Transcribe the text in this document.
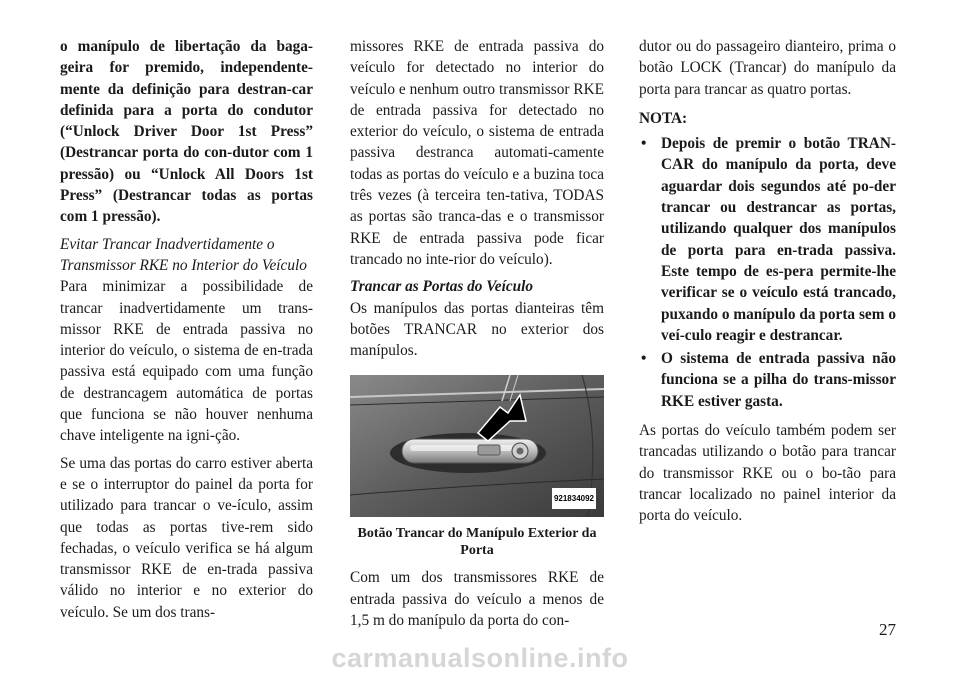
o manípulo de libertação da baga-geira for premido, independente-mente da definição para destran-car definida para a porta do condutor (“Unlock Driver Door 1st Press” (Destrancar porta do con-dutor com 1 pressão) ou “Unlock All Doors 1st Press” (Destrancar todas as portas com 1 pressão).

Evitar Trancar Inadvertidamente o Transmissor RKE no Interior do Veículo

Para minimizar a possibilidade de trancar inadvertidamente um trans-missor RKE de entrada passiva no interior do veículo, o sistema de en-trada passiva está equipado com uma função de destrancagem automática de portas que funciona se não houver nenhuma chave inteligente na igni-ção.

Se uma das portas do carro estiver aberta e se o interruptor do painel da porta for utilizado para trancar o ve-ículo, assim que todas as portas tive-rem sido fechadas, o veículo verifica se há algum transmissor RKE de en-trada passiva válido no interior e no exterior do veículo. Se um dos trans-

missores RKE de entrada passiva do veículo for detectado no interior do veículo e nenhum outro transmissor RKE de entrada passiva for detectado no exterior do veículo, o sistema de entrada passiva destranca automati-camente todas as portas do veículo e a buzina toca três vezes (à terceira ten-tativa, TODAS as portas são tranca-das e o transmissor RKE de entrada passiva pode ficar trancado no inte-rior do veículo).

Trancar as Portas do Veículo

Os manípulos das portas dianteiras têm botões TRANCAR no exterior dos manípulos.

921834092

Botão Trancar do Manípulo Exterior da Porta

Com um dos transmissores RKE de entrada passiva do veículo a menos de 1,5 m do manípulo da porta do con-

dutor ou do passageiro dianteiro, prima o botão LOCK (Trancar) do manípulo da porta para trancar as quatro portas.

NOTA:

• Depois de premir o botão TRAN-CAR do manípulo da porta, deve aguardar dois segundos até po-der trancar ou destrancar as portas, utilizando qualquer dos manípulos de porta para en-trada passiva. Este tempo de es-pera permite-lhe verificar se o veículo está trancado, puxando o manípulo da porta sem o veí-culo reagir e destrancar.
• O sistema de entrada passiva não funciona se a pilha do trans-missor RKE estiver gasta.

As portas do veículo também podem ser trancadas utilizando o botão para trancar do transmissor RKE ou o bo-tão para trancar localizado no painel interior da porta do veículo.

27
carmanualsonline.info
